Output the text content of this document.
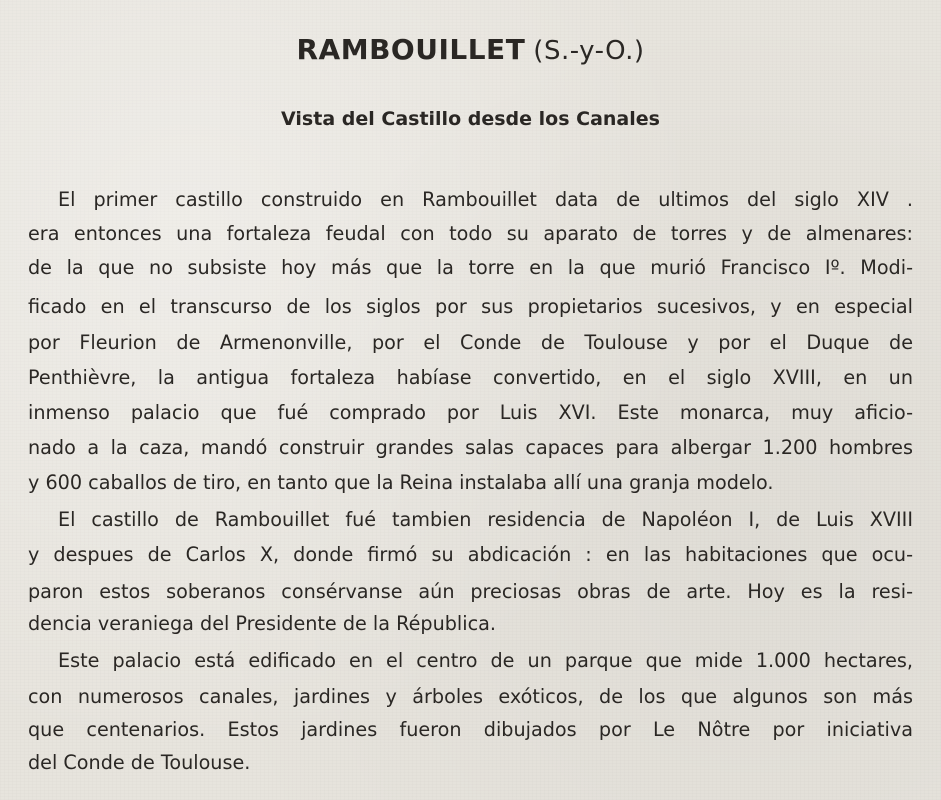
RAMBOUILLET (S.-y-O.)
Vista del Castillo desde los Canales
El primer castillo construido en Rambouillet data de ultimos del siglo XIV .
era entonces una fortaleza feudal con todo su aparato de torres y de almenares:
de la que no subsiste hoy más que la torre en la que murió Francisco Iº. Modi-
ficado en el transcurso de los siglos por sus propietarios sucesivos, y en especial
por Fleurion de Armenonville, por el Conde de Toulouse y por el Duque de
Penthièvre, la antigua fortaleza habíase convertido, en el siglo XVIII, en un
inmenso palacio que fué comprado por Luis XVI. Este monarca, muy aficio-
nado a la caza, mandó construir grandes salas capaces para albergar 1.200 hombres
y 600 caballos de tiro, en tanto que la Reina instalaba allí una granja modelo.
El castillo de Rambouillet fué tambien residencia de Napoléon I, de Luis XVIII
y despues de Carlos X, donde firmó su abdicación : en las habitaciones que ocu-
paron estos soberanos consérvanse aún preciosas obras de arte. Hoy es la resi-
dencia veraniega del Presidente de la Républica.
Este palacio está edificado en el centro de un parque que mide 1.000 hectares,
con numerosos canales, jardines y árboles exóticos, de los que algunos son más
que centenarios. Estos jardines fueron dibujados por Le Nôtre por iniciativa
del Conde de Toulouse.
